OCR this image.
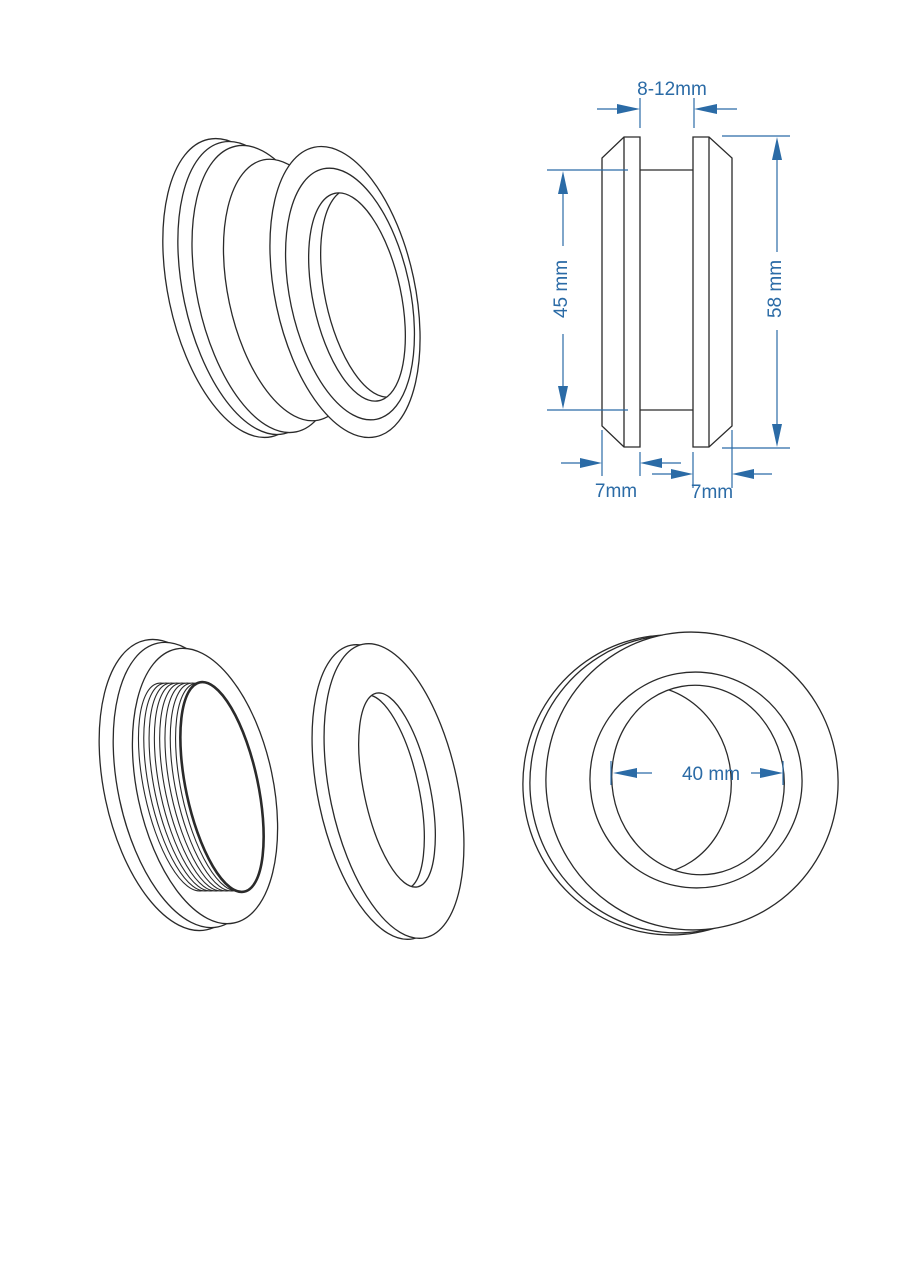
8-12mm
45 mm	58 mm
7mm	7mm
40 mm
